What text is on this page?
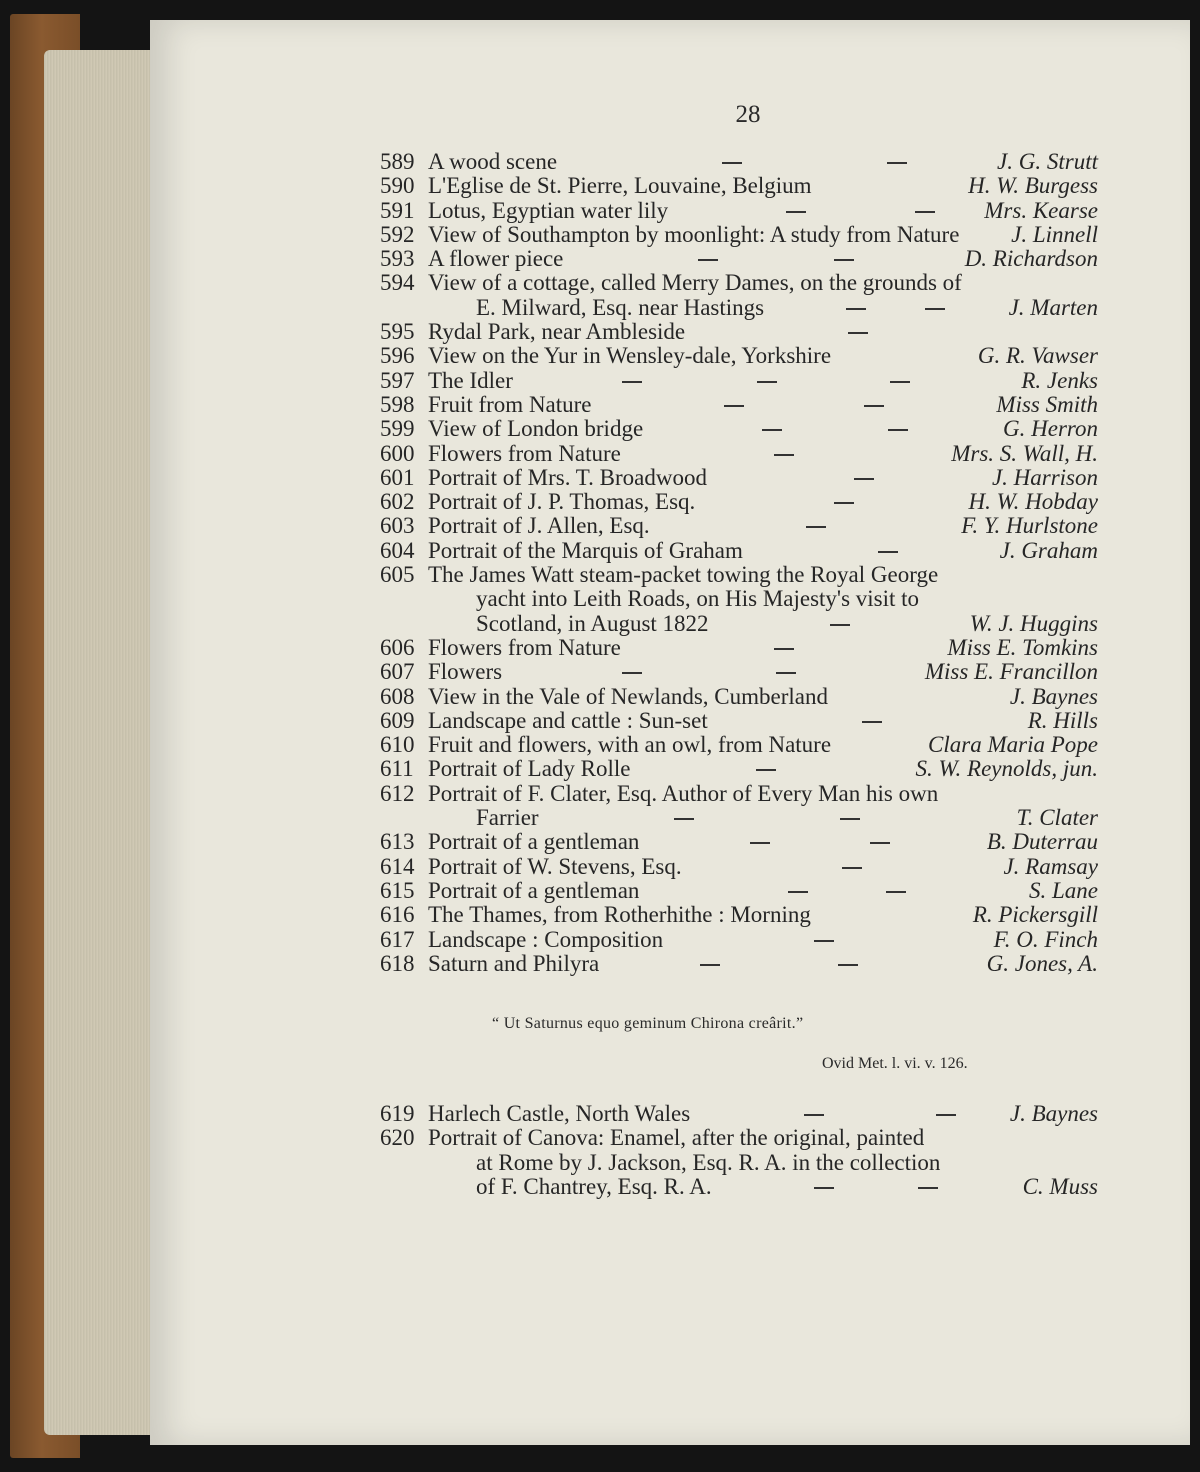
28
589 A wood scene	J. G. Strutt
590 L'Eglise de St. Pierre, Louvaine, Belgium	H. W. Burgess
591 Lotus, Egyptian water lily	Mrs. Kearse
592 View of Southampton by moonlight: A study from Nature J. Linnell
593 A flower piece	D. Richardson
594 View of a cottage, called Merry Dames, on the grounds of
E. Milward, Esq. near Hastings	J. Marten
595 Rydal Park, near Ambleside
596 View on the Yur in Wensley-dale, Yorkshire	G. R. Vawser
597 The Idler	R. Jenks
598 Fruit from Nature	Miss Smith
599 View of London bridge	G. Herron
600 Flowers from Nature	Mrs. S. Wall, H.
601 Portrait of Mrs. T. Broadwood	J. Harrison
602 Portrait of J. P. Thomas, Esq.	H. W. Hobday
603 Portrait of J. Allen, Esq.	F. Y. Hurlstone
604 Portrait of the Marquis of Graham	J. Graham
605 The James Watt steam-packet towing the Royal George
yacht into Leith Roads, on His Majesty's visit to
Scotland, in August 1822	W. J. Huggins
606 Flowers from Nature	Miss E. Tomkins
607 Flowers	Miss E. Francillon
608 View in the Vale of Newlands, Cumberland	J. Baynes
609 Landscape and cattle : Sun-set	R. Hills
610 Fruit and flowers, with an owl, from Nature	Clara Maria Pope
611 Portrait of Lady Rolle	S. W. Reynolds, jun.
612 Portrait of F. Clater, Esq. Author of Every Man his own
Farrier	T. Clater
613 Portrait of a gentleman	B. Duterrau
614 Portrait of W. Stevens, Esq.	J. Ramsay
615 Portrait of a gentleman	S. Lane
616 The Thames, from Rotherhithe : Morning	R. Pickersgill
617 Landscape : Composition	F. O. Finch
618 Saturn and Philyra	G. Jones, A.
“ Ut Saturnus equo geminum Chirona creârit.”
Ovid Met. l. vi. v. 126.
619 Harlech Castle, North Wales	J. Baynes
620 Portrait of Canova: Enamel, after the original, painted
at Rome by J. Jackson, Esq. R. A. in the collection
of F. Chantrey, Esq. R. A.	C. Muss
